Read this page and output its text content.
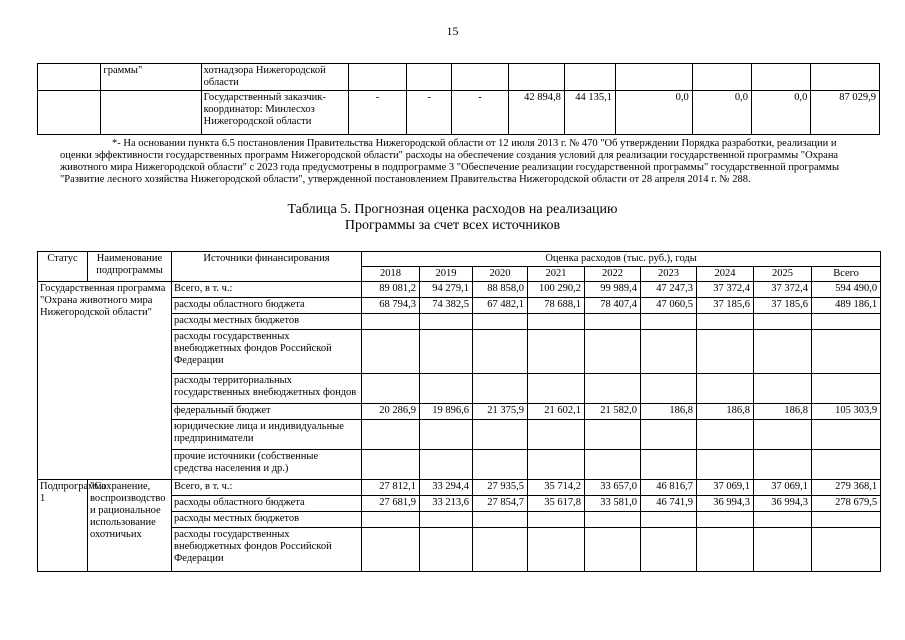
15
	граммы"	хотнадзора Нижегородской области									
		Государственный заказчик-координатор: Минлесхоз Нижегородской области	-	-	-	42 894,8	44 135,1	0,0	0,0	0,0	87 029,9
*- На основании пункта 6.5 постановления Правительства Нижегородской области от 12 июля 2013 г. № 470 "Об утверждении Порядка разработки, реализации и оценки эффективности государственных программ Нижегородской области" расходы на обеспечение создания условий для реализации государственной программы "Охрана животного мира Нижегородской области" с 2023 года предусмотрены в подпрограмме 3 "Обеспечение реализации государственной программы" государственной программы "Развитие лесного хозяйства Нижегородской области", утвержденной постановлением Правительства Нижегородской области от 28 апреля 2014 г. № 288.
Таблица 5. Прогнозная оценка расходов на реализацию
Программы за счет всех источников
Статус	Наименование подпрограммы	Источники финансирования	Оценка расходов (тыс. руб.), годы								
			2018	2019	2020	2021	2022	2023	2024	2025	Всего
Государственная программа "Охрана животного мира Нижегородской области"		Всего, в т. ч.:	89 081,2	94 279,1	88 858,0	100 290,2	99 989,4	47 247,3	37 372,4	37 372,4	594 490,0
		расходы областного бюджета	68 794,3	74 382,5	67 482,1	78 688,1	78 407,4	47 060,5	37 185,6	37 185,6	489 186,1
		расходы местных бюджетов									
		расходы государственных внебюджетных фондов Российской Федерации									
		расходы территориальных государственных внебюджетных фондов									
		федеральный бюджет	20 286,9	19 896,6	21 375,9	21 602,1	21 582,0	186,8	186,8	186,8	105 303,9
		юридические лица и индивидуальные предприниматели									
		прочие источники (собственные средства населения и др.)									
Подпрограмма 1	"Сохранение, воспроизводство и рациональное использование охотничьих	Всего, в т. ч.:	27 812,1	33 294,4	27 935,5	35 714,2	33 657,0	46 816,7	37 069,1	37 069,1	279 368,1
		расходы областного бюджета	27 681,9	33 213,6	27 854,7	35 617,8	33 581,0	46 741,9	36 994,3	36 994,3	278 679,5
		расходы местных бюджетов									
		расходы государственных внебюджетных фондов Российской Федерации									
